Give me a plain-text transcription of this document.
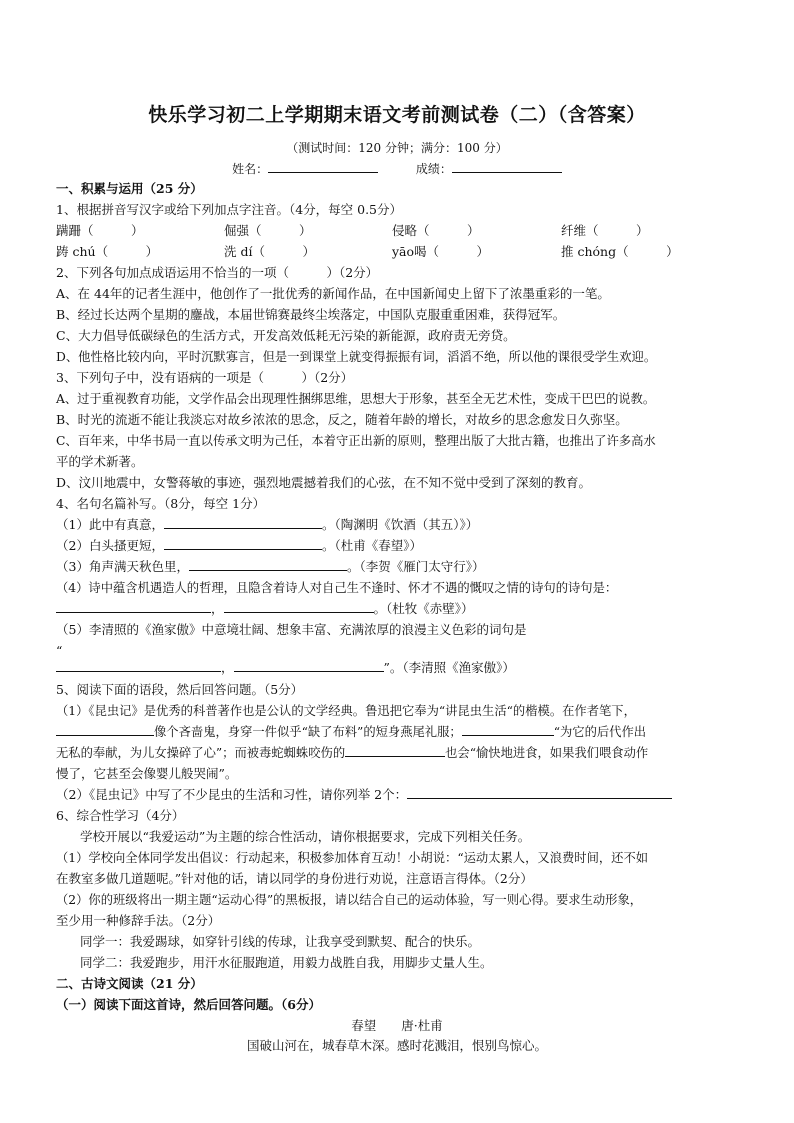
快乐学习初二上学期期末语文考前测试卷（二）（含答案）
（测试时间：120 分钟；满分：100 分）
姓名：	成绩：
一、积累与运用（25 分）
1、根据拼音写汉字或给下列加点字注音。（4分，每空 0.5分）
蹒跚（　　　）	倔强（　　　）	侵略（　　　）	纤维（　　　）
踌 chú（　　　）	洗 dí（　　　）	yāo喝（　　　）	推 chóng（　　　）
2、下列各句加点成语运用不恰当的一项（　　　）（2分）
A、在 44年的记者生涯中，他创作了一批优秀的新闻作品，在中国新闻史上留下了浓墨重彩的一笔。
B、经过长达两个星期的鏖战，本届世锦赛最终尘埃落定，中国队克服重重困难，获得冠军。
C、大力倡导低碳绿色的生活方式，开发高效低耗无污染的新能源，政府责无旁贷。
D、他性格比较内向，平时沉默寡言，但是一到课堂上就变得振振有词，滔滔不绝，所以他的课很受学生欢迎。
3、下列句子中，没有语病的一项是（　　　）（2分）
A、过于重视教育功能，文学作品会出现理性捆绑思维，思想大于形象，甚至全无艺术性，变成干巴巴的说教。
B、时光的流逝不能让我淡忘对故乡浓浓的思念，反之，随着年龄的增长，对故乡的思念愈发日久弥坚。
C、百年来，中华书局一直以传承文明为己任，本着守正出新的原则，整理出版了大批古籍，也推出了许多高水
平的学术新著。
D、汶川地震中，女警蒋敏的事迹，强烈地震撼着我们的心弦，在不知不觉中受到了深刻的教育。
4、名句名篇补写。（8分，每空 1分）
（1）此中有真意，	。（陶渊明《饮酒（其五）》）
（2）白头搔更短，	。（杜甫《春望》）
（3）角声满天秋色里，	。（李贺《雁门太守行》）
（4）诗中蕴含机遇造人的哲理，且隐含着诗人对自己生不逢时、怀才不遇的慨叹之情的诗句的诗句是：
，	。（杜牧《赤壁》）
（5）李清照的《渔家傲》中意境壮阔、想象丰富、充满浓厚的浪漫主义色彩的词句是
“
，	”。（李清照《渔家傲》）
5、阅读下面的语段，然后回答问题。（5分）
（1）《昆虫记》是优秀的科普著作也是公认的文学经典。鲁迅把它奉为“讲昆虫生活“的楷模。在作者笔下，
像个吝啬鬼，身穿一件似乎“缺了布料”的短身燕尾礼服；	“为它的后代作出
无私的奉献，为儿女操碎了心”；而被毒蛇蜘蛛咬伤的	也会“愉快地进食，如果我们喂食动作
慢了，它甚至会像婴儿般哭闹”。
（2）《昆虫记》中写了不少昆虫的生活和习性，请你列举 2个：
6、综合性学习（4分）
学校开展以“我爱运动”为主题的综合性活动，请你根据要求，完成下列相关任务。
（1）学校向全体同学发出倡议：行动起来，积极参加体育互动！小胡说：“运动太累人，又浪费时间，还不如
在教室多做几道题呢。”针对他的话，请以同学的身份进行劝说，注意语言得体。（2分）
（2）你的班级将出一期主题“运动心得”的黑板报，请以结合自己的运动体验，写一则心得。要求生动形象，
至少用一种修辞手法。（2分）
同学一：我爱踢球，如穿针引线的传球，让我享受到默契、配合的快乐。
同学二：我爱跑步，用汗水征服跑道，用毅力战胜自我，用脚步丈量人生。
二、古诗文阅读（21 分）
（一）阅读下面这首诗，然后回答问题。（6分）
春望　　唐·杜甫
国破山河在，城春草木深。感时花溅泪，恨别鸟惊心。
